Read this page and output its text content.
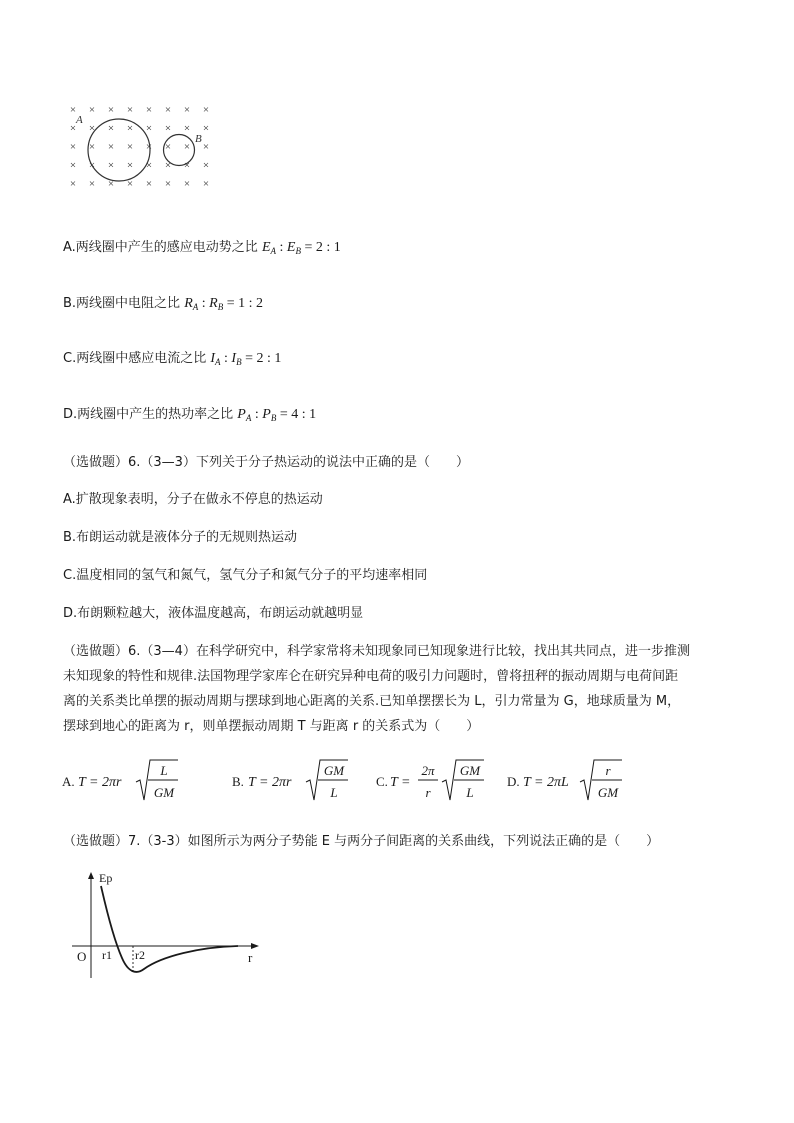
× × × × × × × ×
× × × × × × × ×
× × × × × × × ×
× × × × × × × ×
× × × × × × × ×
A
B
A.两线圈中产生的感应电动势之比 $E_A$ : $E_B = 2$ : 1
B.两线圈中电阻之比 $R_A$ : $R_B = 1$ : 2
C.两线圈中感应电流之比 $I_A$ : $I_B = 2$ : 1
D.两线圈中产生的热功率之比 $P_A$ : $P_B = 4$ : 1
（选做题）6.（3—3）下列关于分子热运动的说法中正确的是（　　）
A.扩散现象表明，分子在做永不停息的热运动
B.布朗运动就是液体分子的无规则热运动
C.温度相同的氢气和氮气，氢气分子和氮气分子的平均速率相同
D.布朗颗粒越大，液体温度越高，布朗运动就越明显
（选做题）6.（3—4）在科学研究中，科学家常将未知现象同已知现象进行比较，找出其共同点，进一步推测
未知现象的特性和规律.法国物理学家库仑在研究异种电荷的吸引力问题时，曾将扭秤的振动周期与电荷间距
离的关系类比单摆的振动周期与摆球到地心距离的关系.已知单摆摆长为 L，引力常量为 G，地球质量为 M，
摆球到地心的距离为 r，则单摆振动周期 T 与距离 r 的关系式为（　　）
A. T = 2πr
L
GM
B. T = 2πr
GM
L
C. T =
2π
r
GM
L
D. T = 2πL
r
GM
（选做题）7.（3-3）如图所示为两分子势能 E 与两分子间距离的关系曲线，下列说法正确的是（　　）
Ep
r
O r1 r2
